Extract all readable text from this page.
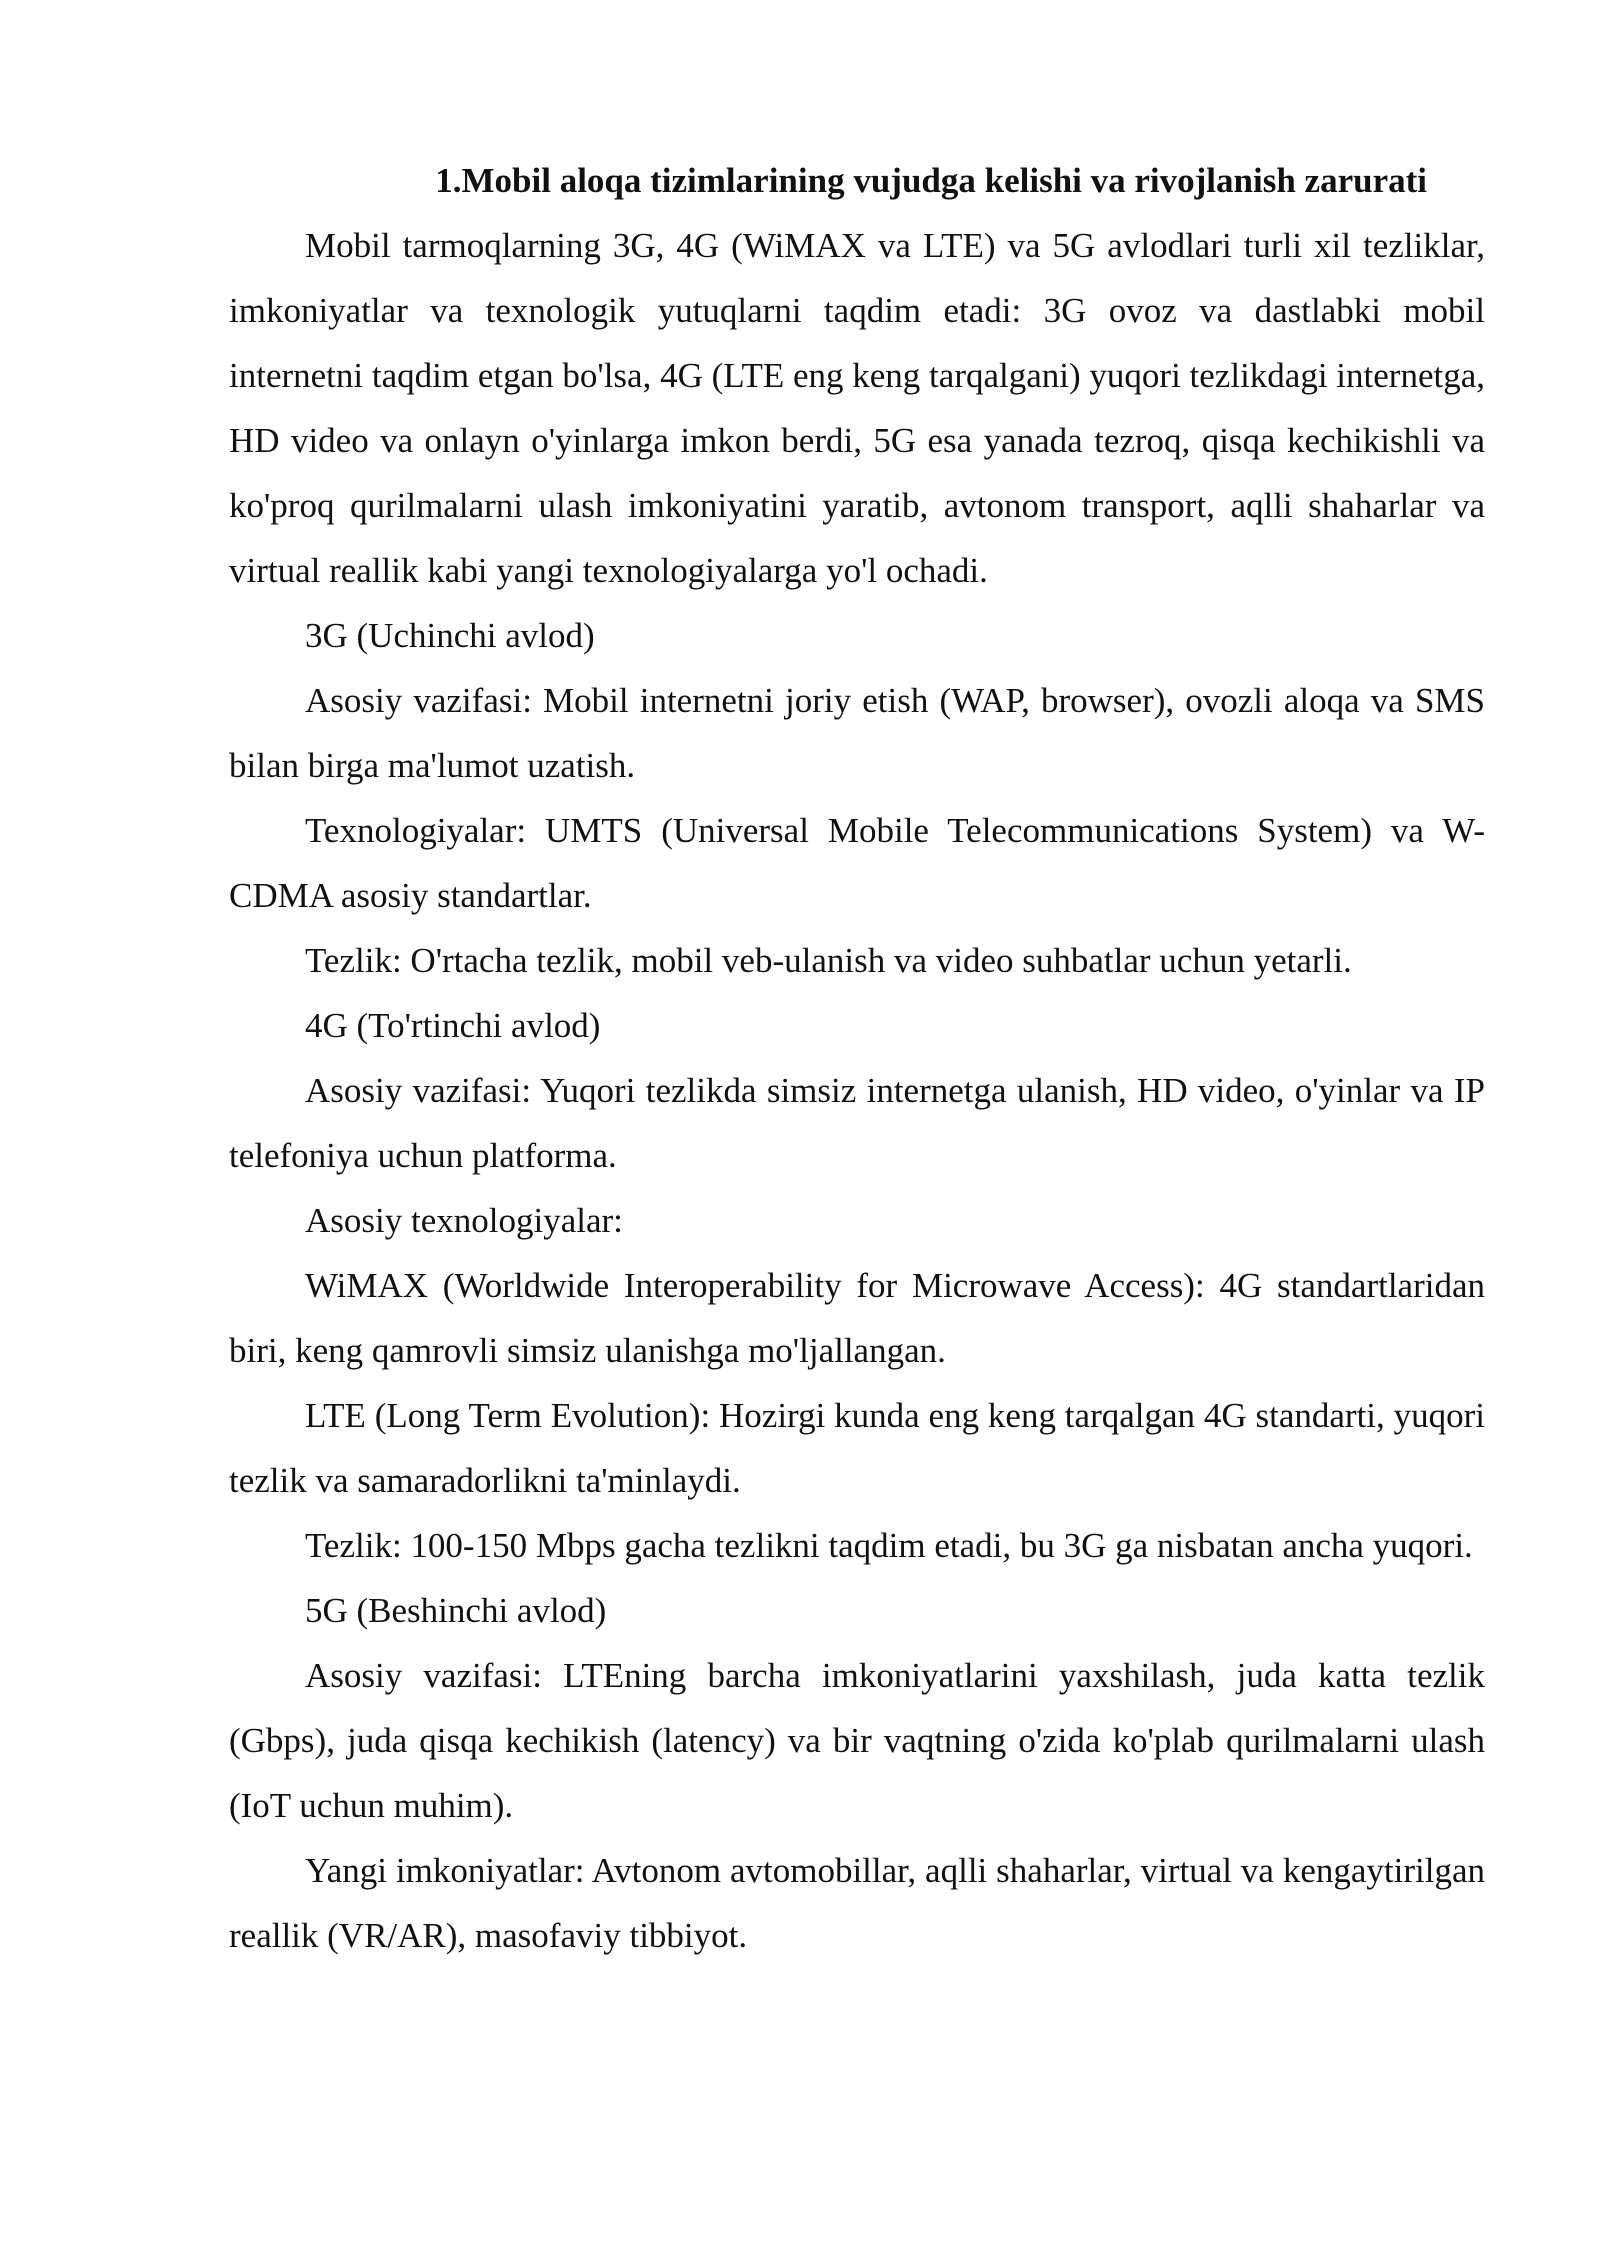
1.Mobil aloqa tizimlarining vujudga kelishi va rivojlanish zarurati

Mobil tarmoqlarning 3G, 4G (WiMAX va LTE) va 5G avlodlari turli xil tezliklar, imkoniyatlar va texnologik yutuqlarni taqdim etadi: 3G ovoz va dastlabki mobil internetni taqdim etgan bo'lsa, 4G (LTE eng keng tarqalgani) yuqori tezlikdagi internetga, HD video va onlayn o'yinlarga imkon berdi, 5G esa yanada tezroq, qisqa kechikishli va ko'proq qurilmalarni ulash imkoniyatini yaratib, avtonom transport, aqlli shaharlar va virtual reallik kabi yangi texnologiyalarga yo'l ochadi.

3G (Uchinchi avlod)

Asosiy vazifasi: Mobil internetni joriy etish (WAP, browser), ovozli aloqa va SMS bilan birga ma'lumot uzatish.

Texnologiyalar: UMTS (Universal Mobile Telecommunications System) va W-CDMA asosiy standartlar.

Tezlik: O'rtacha tezlik, mobil veb-ulanish va video suhbatlar uchun yetarli.

4G (To'rtinchi avlod)

Asosiy vazifasi: Yuqori tezlikda simsiz internetga ulanish, HD video, o'yinlar va IP telefoniya uchun platforma.

Asosiy texnologiyalar:

WiMAX (Worldwide Interoperability for Microwave Access): 4G standartlaridan biri, keng qamrovli simsiz ulanishga mo'ljallangan.

LTE (Long Term Evolution): Hozirgi kunda eng keng tarqalgan 4G standarti, yuqori tezlik va samaradorlikni ta'minlaydi.

Tezlik: 100-150 Mbps gacha tezlikni taqdim etadi, bu 3G ga nisbatan ancha yuqori.

5G (Beshinchi avlod)

Asosiy vazifasi: LTEning barcha imkoniyatlarini yaxshilash, juda katta tezlik (Gbps), juda qisqa kechikish (latency) va bir vaqtning o'zida ko'plab qurilmalarni ulash (IoT uchun muhim).

Yangi imkoniyatlar: Avtonom avtomobillar, aqlli shaharlar, virtual va kengaytirilgan reallik (VR/AR), masofaviy tibbiyot.
